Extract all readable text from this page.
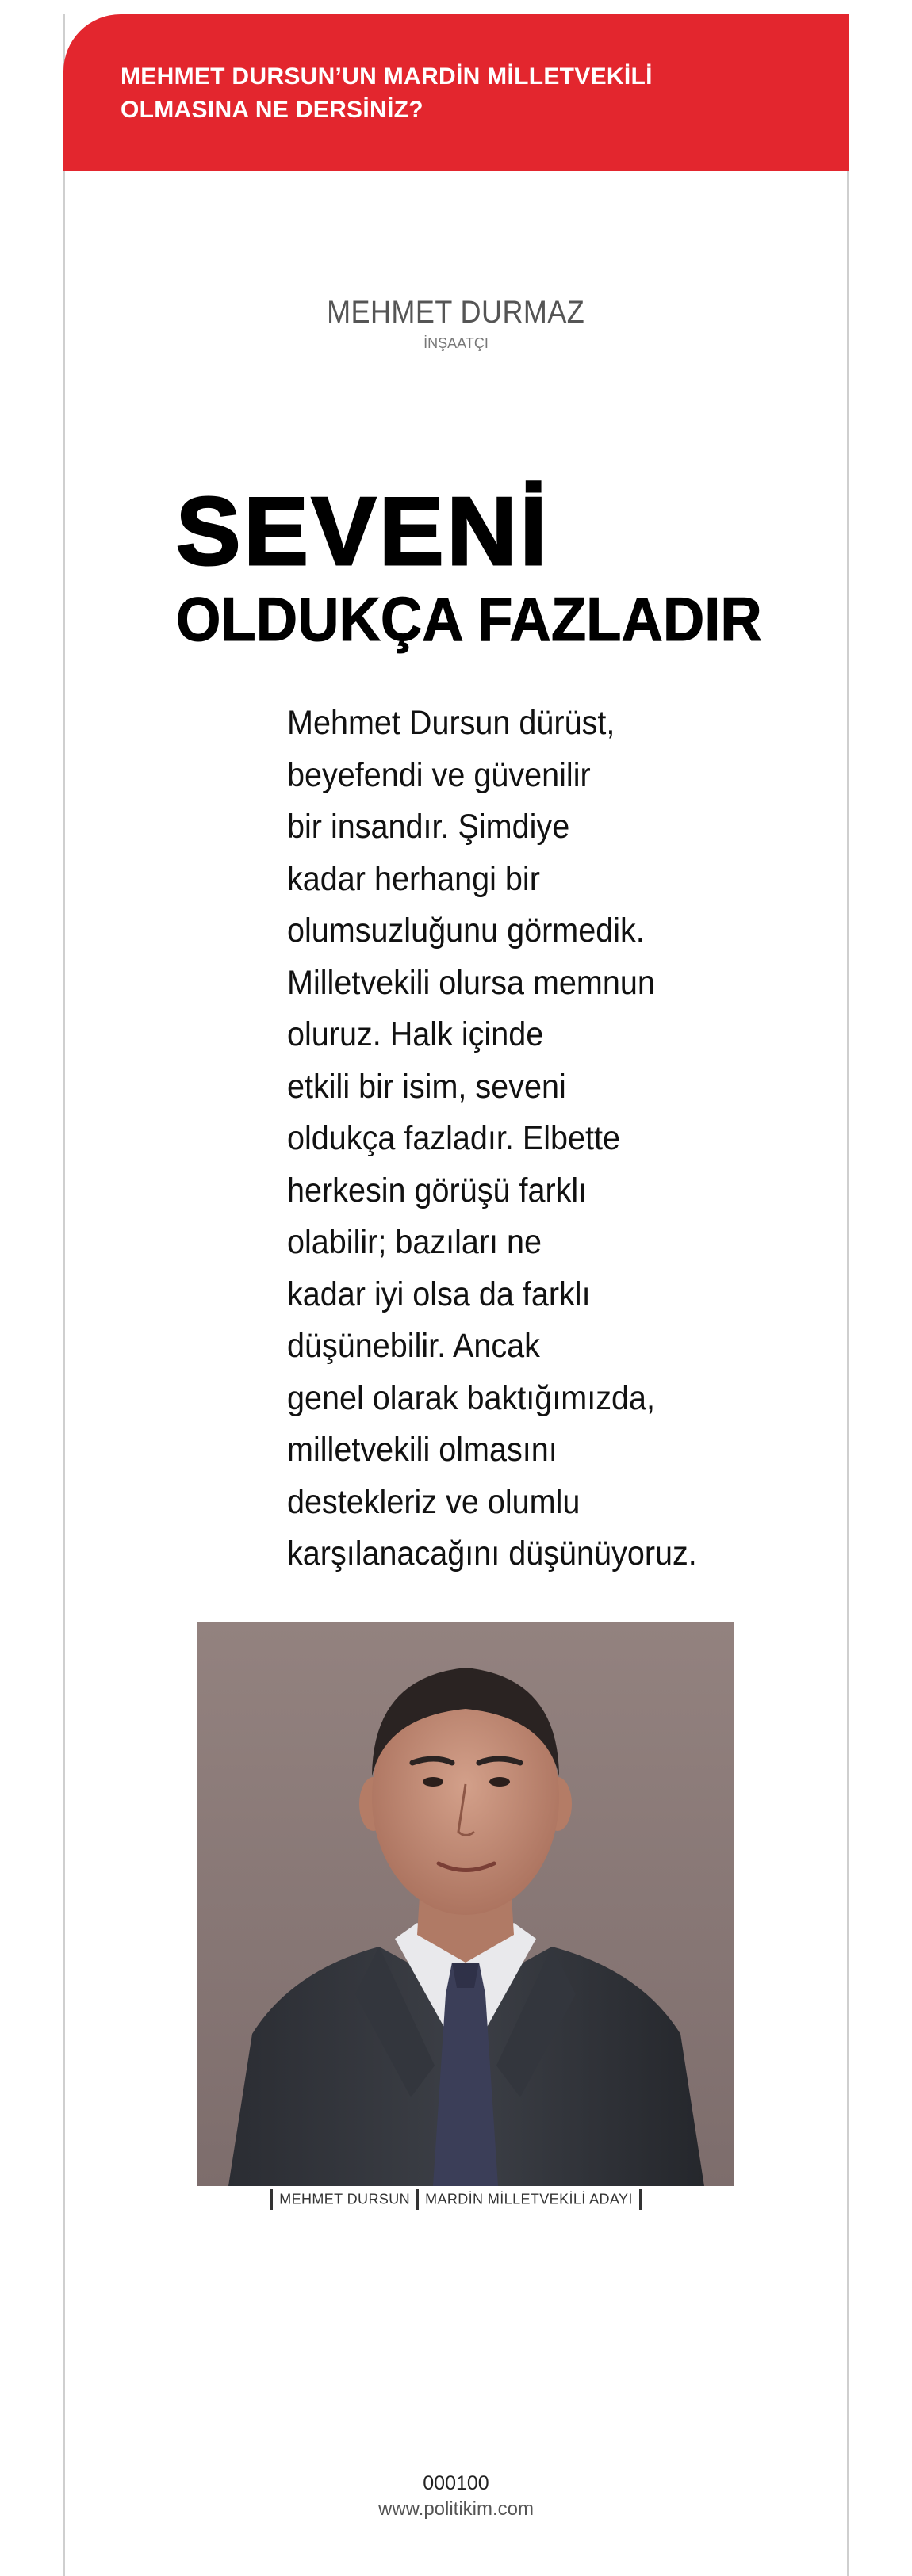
MEHMET DURSUN’UN MARDİN MİLLETVEKİLİ
OLMASINA NE DERSİNİZ?

MEHMET DURMAZ
İNŞAATÇI
SEVENİ
OLDUKÇA FAZLADIR
Mehmet Dursun dürüst,
beyefendi ve güvenilir
bir insandır. Şimdiye
kadar herhangi bir
olumsuzluğunu görmedik.
Milletvekili olursa memnun
oluruz. Halk içinde
etkili bir isim, seveni
oldukça fazladır. Elbette
herkesin görüşü farklı
olabilir; bazıları ne
kadar iyi olsa da farklı
düşünebilir. Ancak
genel olarak baktığımızda,
milletvekili olmasını
destekleriz ve olumlu
karşılanacağını düşünüyoruz.
MEHMET DURSUN MARDİN MİLLETVEKİLİ ADAYI
000100
www.politikim.com
